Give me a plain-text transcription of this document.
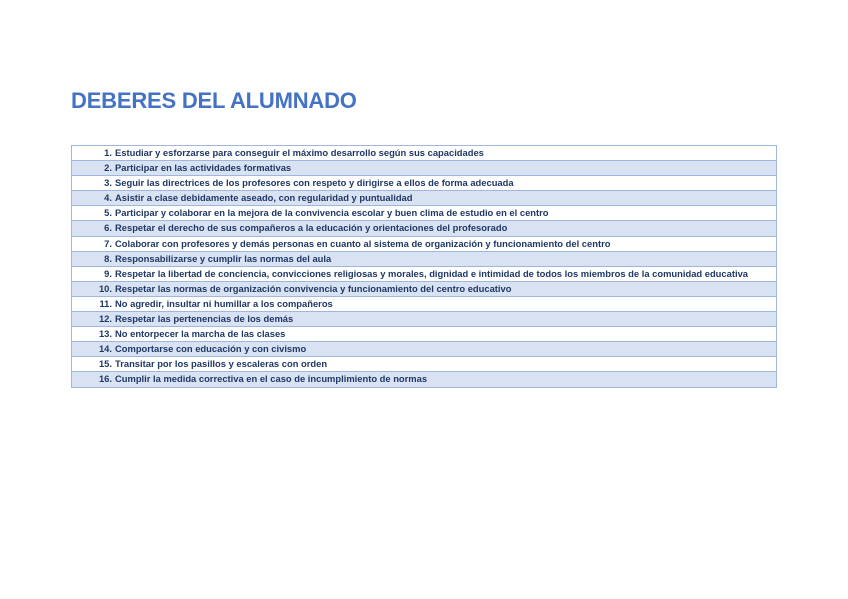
DEBERES DEL ALUMNADO
1. Estudiar y esforzarse para conseguir el máximo desarrollo según sus capacidades
2. Participar en las actividades formativas
3. Seguir las directrices de los profesores con respeto y dirigirse a ellos de forma adecuada
4. Asistir a clase debidamente aseado, con regularidad y puntualidad
5. Participar y colaborar en la mejora de la convivencia escolar y buen clima de estudio en el centro
6. Respetar el derecho de sus compañeros a la educación y orientaciones del profesorado
7. Colaborar con profesores y demás personas en cuanto al sistema de organización y funcionamiento del centro
8. Responsabilizarse y cumplir las normas del aula
9. Respetar la libertad de conciencia, convicciones religiosas y morales, dignidad e intimidad de todos los miembros de la comunidad educativa
10. Respetar las normas de organización convivencia y funcionamiento del centro educativo
11. No agredir, insultar ni humillar a los compañeros
12. Respetar las pertenencias de los demás
13. No entorpecer la marcha de las clases
14. Comportarse con educación y con civismo
15. Transitar por los pasillos y escaleras con orden
16. Cumplir la medida correctiva en el caso de incumplimiento de normas
